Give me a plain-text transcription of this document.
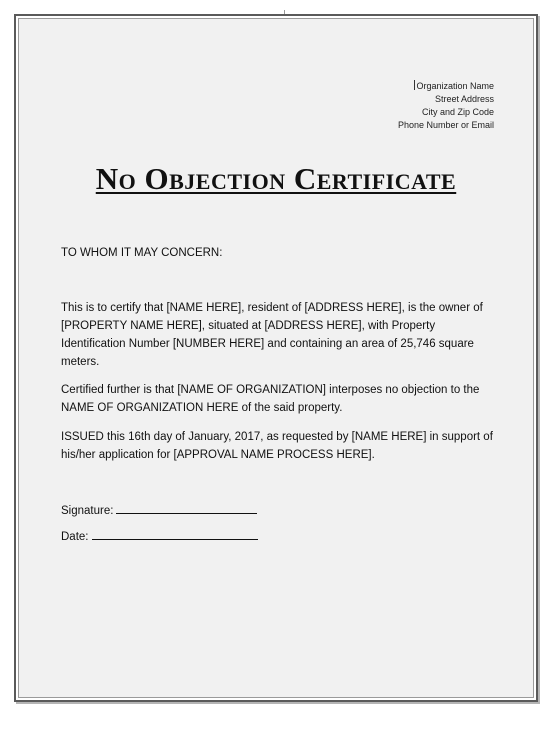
Organization Name
Street Address
City and Zip Code
Phone Number or Email
No Objection Certificate
TO WHOM IT MAY CONCERN:
This is to certify that [NAME HERE], resident of [ADDRESS HERE], is the owner of [PROPERTY NAME HERE], situated at [ADDRESS HERE], with Property Identification Number [NUMBER HERE] and containing an area of 25,746 square meters.
Certified further is that [NAME OF ORGANIZATION] interposes no objection to the NAME OF ORGANIZATION HERE of the said property.
ISSUED this 16th day of January, 2017, as requested by [NAME HERE] in support of his/her application for [APPROVAL NAME PROCESS HERE].
Signature:
Date:
